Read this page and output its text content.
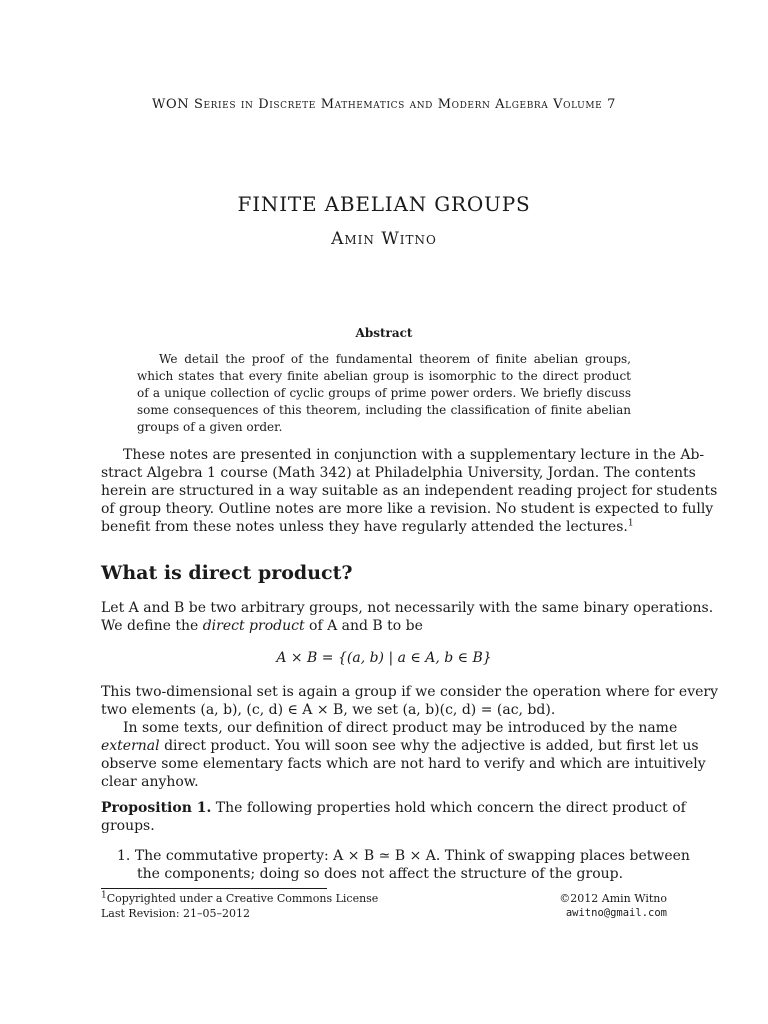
WON Series in Discrete Mathematics and Modern Algebra Volume 7
FINITE ABELIAN GROUPS
Amin Witno
Abstract
We detail the proof of the fundamental theorem of finite abelian groups,
which states that every finite abelian group is isomorphic to the direct product
of a unique collection of cyclic groups of prime power orders. We briefly discuss
some consequences of this theorem, including the classification of finite abelian
groups of a given order.
These notes are presented in conjunction with a supplementary lecture in the Ab-
stract Algebra 1 course (Math 342) at Philadelphia University, Jordan. The contents
herein are structured in a way suitable as an independent reading project for students
of group theory. Outline notes are more like a revision. No student is expected to fully
benefit from these notes unless they have regularly attended the lectures.$^1$
What is direct product?
Let A and B be two arbitrary groups, not necessarily with the same binary operations.
We define the direct product of A and B to be
A × B = {(a, b) | a ∈ A, b ∈ B}
This two-dimensional set is again a group if we consider the operation where for every
two elements (a, b), (c, d) ∈ A × B, we set (a, b)(c, d) = (ac, bd).
In some texts, our definition of direct product may be introduced by the name
external direct product. You will soon see why the adjective is added, but first let us
observe some elementary facts which are not hard to verify and which are intuitively
clear anyhow.
Proposition 1. The following properties hold which concern the direct product of
groups.
1. The commutative property: A × B ≃ B × A. Think of swapping places between
the components; doing so does not affect the structure of the group.
$^1$Copyrighted under a Creative Commons License
Last Revision: 21–05–2012
©2012 Amin Witno
awitno@gmail.com
